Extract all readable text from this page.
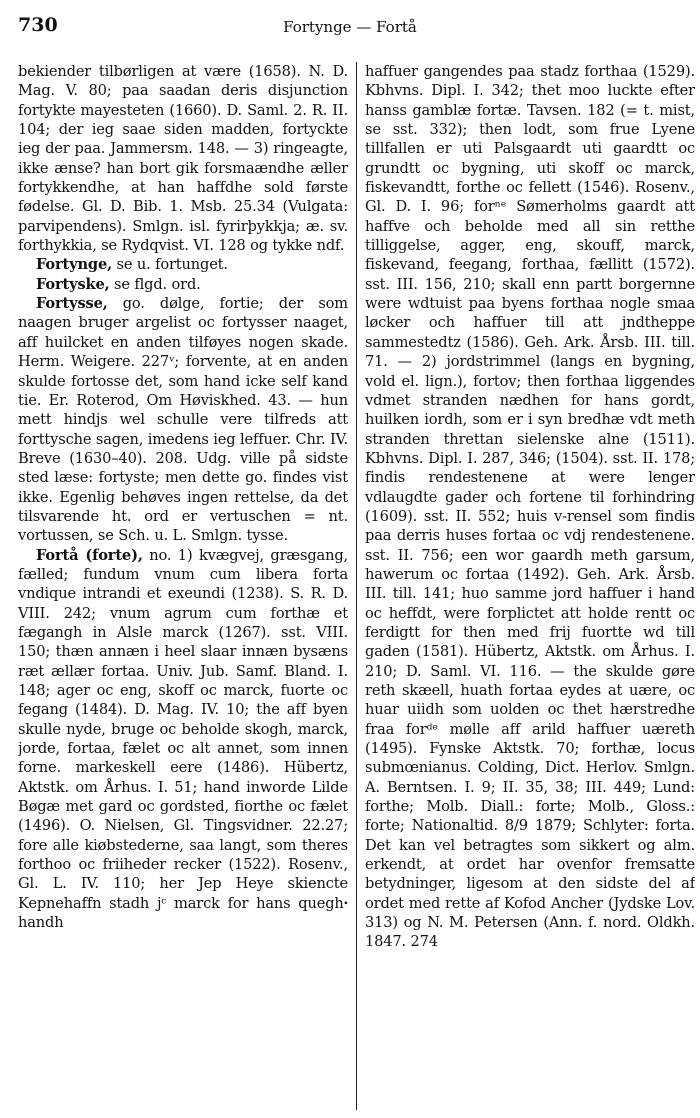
730	Fortynge — Fortå

bekiender tilbørligen at være (1658). N. D. Mag. V. 80; paa saadan deris disjunction fortykte mayesteten (1660). D. Saml. 2. R. II. 104; der ieg saae siden madden, fortyckte ieg der paa. Jammersm. 148. — 3) ringeagte, ikke ænse? han bort gik forsmaændhe æller fortykkendhe, at han haffdhe sold første fødelse. Gl. D. Bib. 1. Msb. 25.34 (Vulgata: parvipendens). Smlgn. isl. fyrirþykkja; æ. sv. forthykkia, se Rydqvist. VI. 128 og tykke ndf.

Fortynge, se u. fortunget.

Fortyske, se flgd. ord.

Fortysse, go. dølge, fortie; der som naagen bruger argelist oc fortysser naaget, aff huilcket en anden tilføyes nogen skade. Herm. Weigere. 227ᵛ; forvente, at en anden skulde fortosse det, som hand icke self kand tie. Er. Roterod, Om Høviskhed. 43. — hun mett hindjs wel schulle vere tilfreds att forttysche sagen, imedens ieg leffuer. Chr. IV. Breve (1630–40). 208. Udg. ville på sidste sted læse: fortyste; men dette go. findes vist ikke. Egenlig behøves ingen rettelse, da det tilsvarende ht. ord er vertuschen = nt. vortussen, se Sch. u. L. Smlgn. tysse.

Fortå (forte), no. 1) kvægvej, græsgang, fælled; fundum vnum cum libera forta vndique intrandi et exeundi (1238). S. R. D. VIII. 242; vnum agrum cum forthæ et fægangh in Alsle marck (1267). sst. VIII. 150; thæn annæn i heel slaar innæn bysæns ræt ællær fortaa. Univ. Jub. Samf. Bland. I. 148; ager oc eng, skoff oc marck, fuorte oc fegang (1484). D. Mag. IV. 10; the aff byen skulle nyde, bruge oc beholde skogh, marck, jorde, fortaa, fælet oc alt annet, som innen forne. markeskell eere (1486). Hübertz, Aktstk. om Århus. I. 51; hand inworde Lilde Bøgæ met gard oc gordsted, fiorthe oc fælet (1496). O. Nielsen, Gl. Tingsvidner. 22.27; fore alle kiøbstederne, saa langt, som theres forthoo oc friiheder recker (1522). Rosenv., Gl. L. IV. 110; her Jep Heye skiencte Kepnehaffn stadh jᶜ marck for hans queghꞏ handh

haffuer gangendes paa stadz forthaa (1529). Kbhvns. Dipl. I. 342; thet moo luckte efter hanss gamblæ fortæ. Tavsen. 182 (= t. mist, se sst. 332); then lodt, som frue Lyene tillfallen er uti Palsgaardt uti gaardtt oc grundtt oc bygning, uti skoff oc marck, fiskevandtt, forthe oc fellett (1546). Rosenv., Gl. D. I. 96; forⁿᵉ Sømerholms gaardt att haffve och beholde med all sin retthe tilliggelse, agger, eng, skouff, marck, fiskevand, feegang, forthaa, fællitt (1572). sst. III. 156, 210; skall enn partt borgernne were wdtuist paa byens forthaa nogle smaa løcker och haffuer till att jndtheppe sammestedtz (1586). Geh. Ark. Årsb. III. till. 71. — 2) jordstrimmel (langs en bygning, vold el. lign.), fortov; then forthaa liggendes vdmet stranden nædhen for hans gordt, huilken iordh, som er i syn bredhæ vdt meth stranden threttan sielenske alne (1511). Kbhvns. Dipl. I. 287, 346; (1504). sst. II. 178; findis rendestenene at were lenger vdlaugdte gader och fortene til forhindring (1609). sst. II. 552; huis v-rensel som findis paa derris huses fortaa oc vdj rendestenene. sst. II. 756; een wor gaardh meth garsum, hawerum oc fortaa (1492). Geh. Ark. Årsb. III. till. 141; huo samme jord haffuer i hand oc heffdt, were forplictet att holde rentt oc ferdigtt for then med frij fuortte wd till gaden (1581). Hübertz, Aktstk. om Århus. I. 210; D. Saml. VI. 116. — the skulde gøre reth skæell, huath fortaa eydes at uære, oc huar uiidh som uolden oc thet hærstredhe fraa forᵈᵉ mølle aff arild haffuer uæreth (1495). Fynske Aktstk. 70; forthæ, locus submœnianus. Colding, Dict. Herlov. Smlgn. A. Berntsen. I. 9; II. 35, 38; III. 449; Lund: forthe; Molb. Diall.: forte; Molb., Gloss.: forte; Nationaltid. 8/9 1879; Schlyter: forta. Det kan vel betragtes som sikkert og alm. erkendt, at ordet har ovenfor fremsatte betydninger, ligesom at den sidste del af ordet med rette af Kofod Ancher (Jydske Lov. 313) og N. M. Petersen (Ann. f. nord. Oldkh. 1847. 274
